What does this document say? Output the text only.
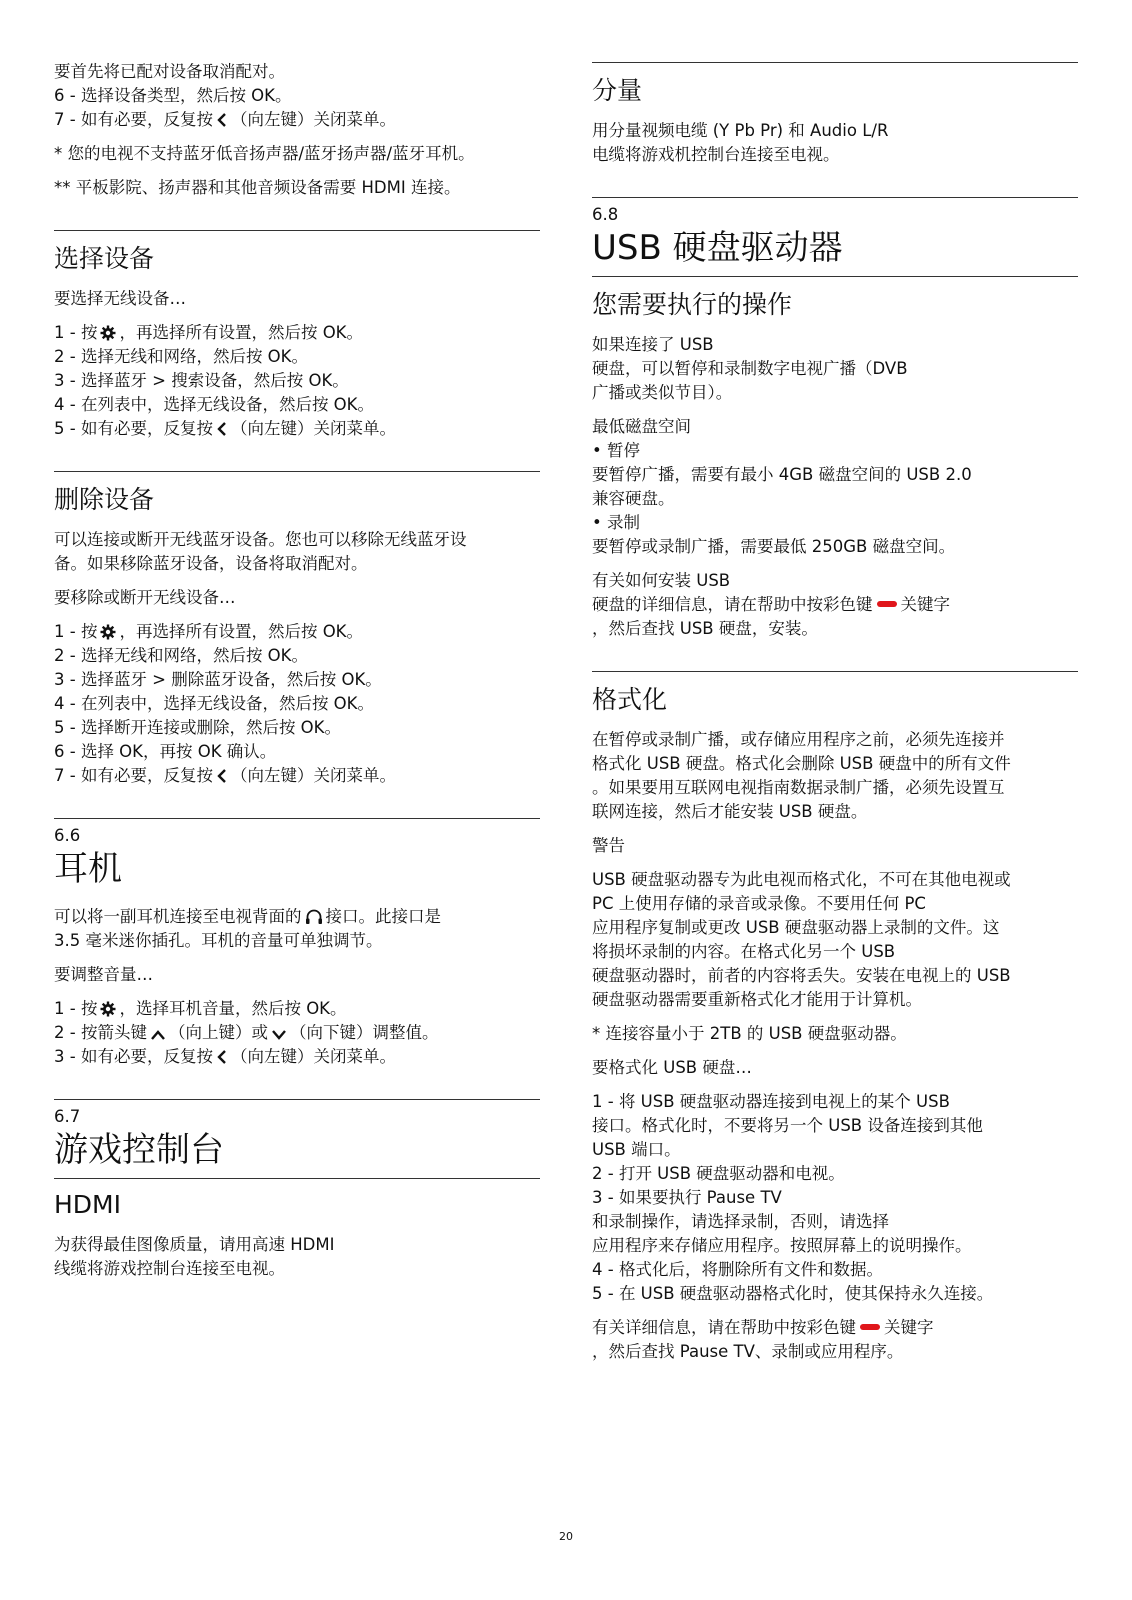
要首先将已配对设备取消配对。

6 - 选择设备类型，然后按 OK。

7 - 如有必要，反复按 （向左键）关闭菜单。

* 您的电视不支持蓝牙低音扬声器/蓝牙扬声器/蓝牙耳机。

** 平板影院、扬声器和其他音频设备需要 HDMI 连接。

选择设备

要选择无线设备…

1 - 按 ，再选择所有设置，然后按 OK。

2 - 选择无线和网络，然后按 OK。

3 - 选择蓝牙 > 搜索设备，然后按 OK。

4 - 在列表中，选择无线设备，然后按 OK。

5 - 如有必要，反复按 （向左键）关闭菜单。

删除设备

可以连接或断开无线蓝牙设备。您也可以移除无线蓝牙设

备。如果移除蓝牙设备，设备将取消配对。

要移除或断开无线设备…

1 - 按 ，再选择所有设置，然后按 OK。

2 - 选择无线和网络，然后按 OK。

3 - 选择蓝牙 > 删除蓝牙设备，然后按 OK。

4 - 在列表中，选择无线设备，然后按 OK。

5 - 选择断开连接或删除，然后按 OK。

6 - 选择 OK，再按 OK 确认。

7 - 如有必要，反复按 （向左键）关闭菜单。

6.6

耳机

可以将一副耳机连接至电视背面的 接口。此接口是

3.5 毫米迷你插孔。耳机的音量可单独调节。

要调整音量…

1 - 按 ，选择耳机音量，然后按 OK。

2 - 按箭头键 （向上键）或 （向下键）调整值。

3 - 如有必要，反复按 （向左键）关闭菜单。

6.7

游戏控制台
HDMI

为获得最佳图像质量，请用高速 HDMI

线缆将游戏控制台连接至电视。

分量

用分量视频电缆 (Y Pb Pr) 和 Audio L/R

电缆将游戏机控制台连接至电视。

6.8

USB 硬盘驱动器
您需要执行的操作

如果连接了 USB

硬盘，可以暂停和录制数字电视广播（DVB

广播或类似节目）。

最低磁盘空间

• 暂停

要暂停广播，需要有最小 4GB 磁盘空间的 USB 2.0

兼容硬盘。

• 录制

要暂停或录制广播，需要最低 250GB 磁盘空间。

有关如何安装 USB

硬盘的详细信息，请在帮助中按彩色键 关键字

，然后查找 USB 硬盘，安装。

格式化

在暂停或录制广播，或存储应用程序之前，必须先连接并

格式化 USB 硬盘。格式化会删除 USB 硬盘中的所有文件

。如果要用互联网电视指南数据录制广播，必须先设置互

联网连接，然后才能安装 USB 硬盘。

警告

USB 硬盘驱动器专为此电视而格式化，不可在其他电视或

PC 上使用存储的录音或录像。不要用任何 PC

应用程序复制或更改 USB 硬盘驱动器上录制的文件。这

将损坏录制的内容。在格式化另一个 USB

硬盘驱动器时，前者的内容将丢失。安装在电视上的 USB

硬盘驱动器需要重新格式化才能用于计算机。

* 连接容量小于 2TB 的 USB 硬盘驱动器。

要格式化 USB 硬盘…

1 - 将 USB 硬盘驱动器连接到电视上的某个 USB

接口。格式化时，不要将另一个 USB 设备连接到其他

USB 端口。

2 - 打开 USB 硬盘驱动器和电视。

3 - 如果要执行 Pause TV

和录制操作，请选择录制，否则，请选择

应用程序来存储应用程序。按照屏幕上的说明操作。

4 - 格式化后，将删除所有文件和数据。

5 - 在 USB 硬盘驱动器格式化时，使其保持永久连接。

有关详细信息，请在帮助中按彩色键 关键字

，然后查找 Pause TV、录制或应用程序。

20
